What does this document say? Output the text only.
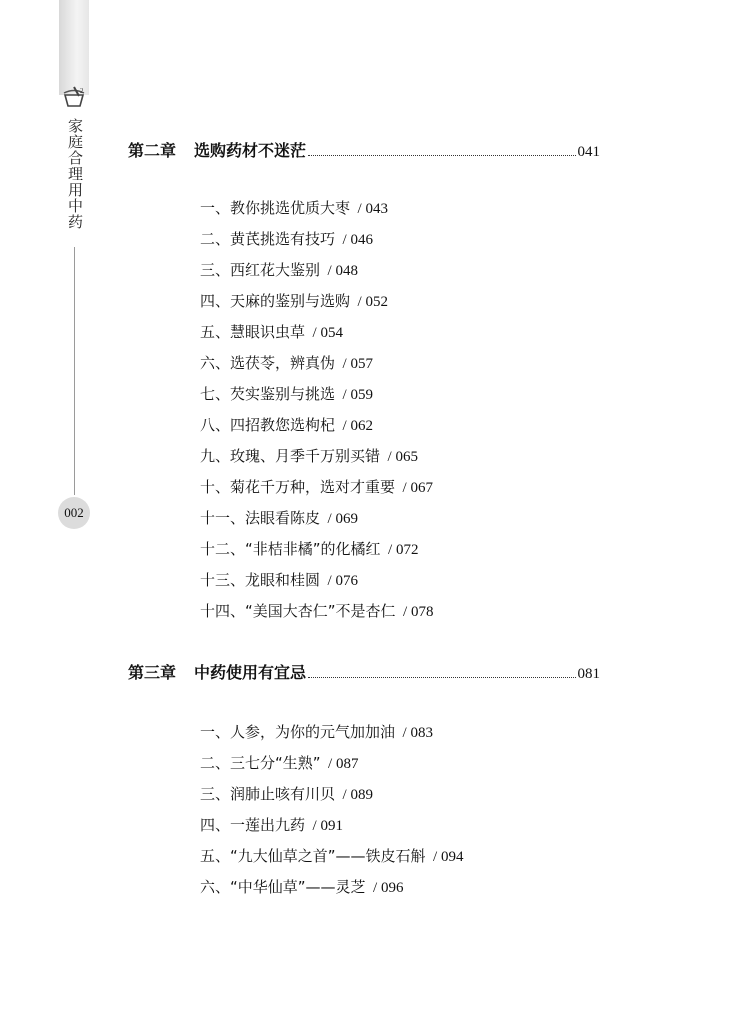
2
家庭合理用中药
002
第二章 选购药材不迷茫	041
一、教你挑选优质大枣  / 043
二、黄芪挑选有技巧  / 046
三、西红花大鉴别  / 048
四、天麻的鉴别与选购  / 052
五、慧眼识虫草  / 054
六、选茯苓，辨真伪  / 057
七、芡实鉴别与挑选  / 059
八、四招教您选枸杞  / 062
九、玫瑰、月季千万别买错  / 065
十、菊花千万种，选对才重要  / 067
十一、法眼看陈皮  / 069
十二、“非桔非橘”的化橘红  / 072
十三、龙眼和桂圆  / 076
十四、“美国大杏仁”不是杏仁  / 078
第三章 中药使用有宜忌	081
一、人参，为你的元气加加油  / 083
二、三七分“生熟”  / 087
三、润肺止咳有川贝  / 089
四、一莲出九药  / 091
五、“九大仙草之首”——铁皮石斛  / 094
六、“中华仙草”——灵芝  / 096
